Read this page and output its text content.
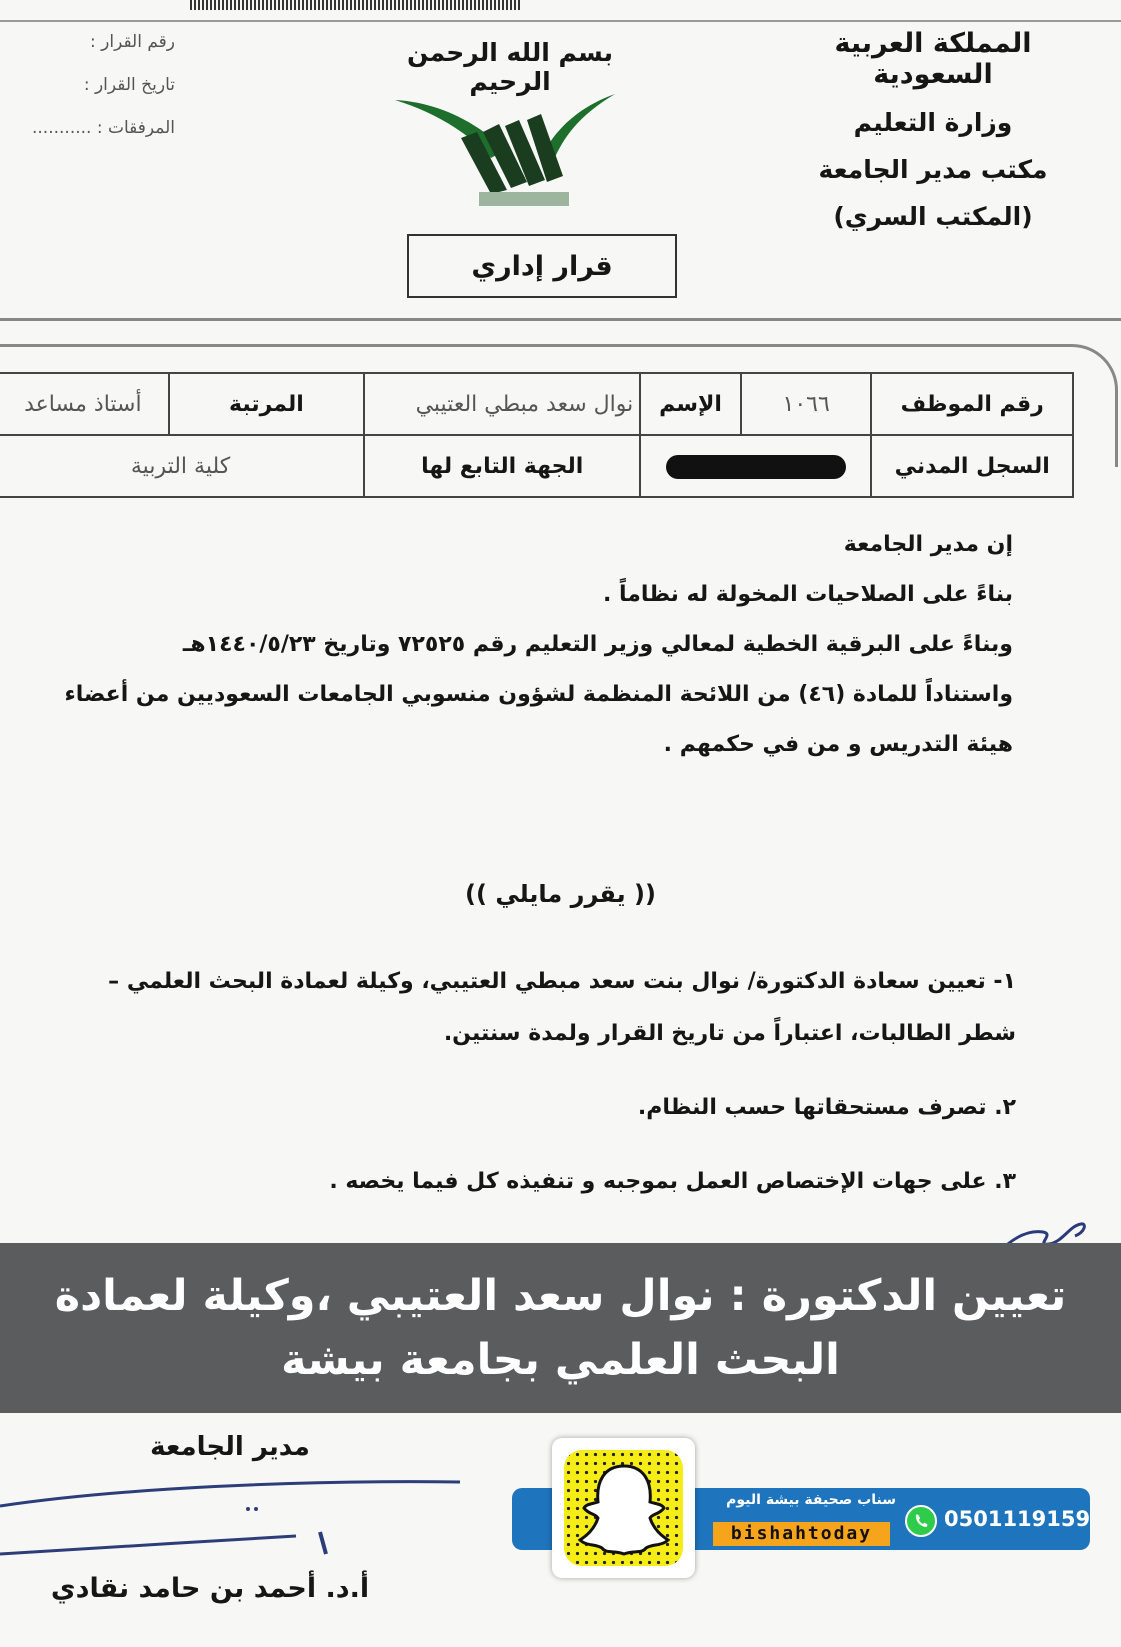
المملكة العربية السعودية
وزارة التعليم
مكتب مدير الجامعة
(المكتب السري)
رقم القرار :
تاريخ القرار :
المرفقات : ...........
بسم الله الرحمن الرحيم
قرار إداري
رقم الموظف	١٠٦٦	الإسم	نوال سعد مبطي العتيبي	المرتبة	أستاذ مساعد
السجل المدني			الجهة التابع لها	كلية التربية	

إن مدير الجامعة

بناءً على الصلاحيات المخولة له نظاماً .

وبناءً على البرقية الخطية لمعالي وزير التعليم رقم ٧٢٥٢٥ وتاريخ ١٤٤٠/٥/٢٣هـ

واستناداً للمادة (٤٦) من اللائحة المنظمة لشؤون منسوبي الجامعات السعوديين من أعضاء هيئة التدريس و من في حكمهم .

(( يقرر مايلي ))
١- تعيين سعادة الدكتورة/ نوال بنت سعد مبطي العتيبي، وكيلة لعمادة البحث العلمي – شطر الطالبات، اعتباراً من تاريخ القرار ولمدة سنتين.
٢. تصرف مستحقاتها حسب النظام.
٣. على جهات الإختصاص العمل بموجبه و تنفيذه كل فيما يخصه .
تعيين الدكتورة : نوال سعد العتيبي ،وكيلة لعمادة البحث العلمي بجامعة بيشة
مدير الجامعة
أ.د. أحمد بن حامد نقادي
سناب صحيفة بيشة اليوم
bishahtoday
0501119159
